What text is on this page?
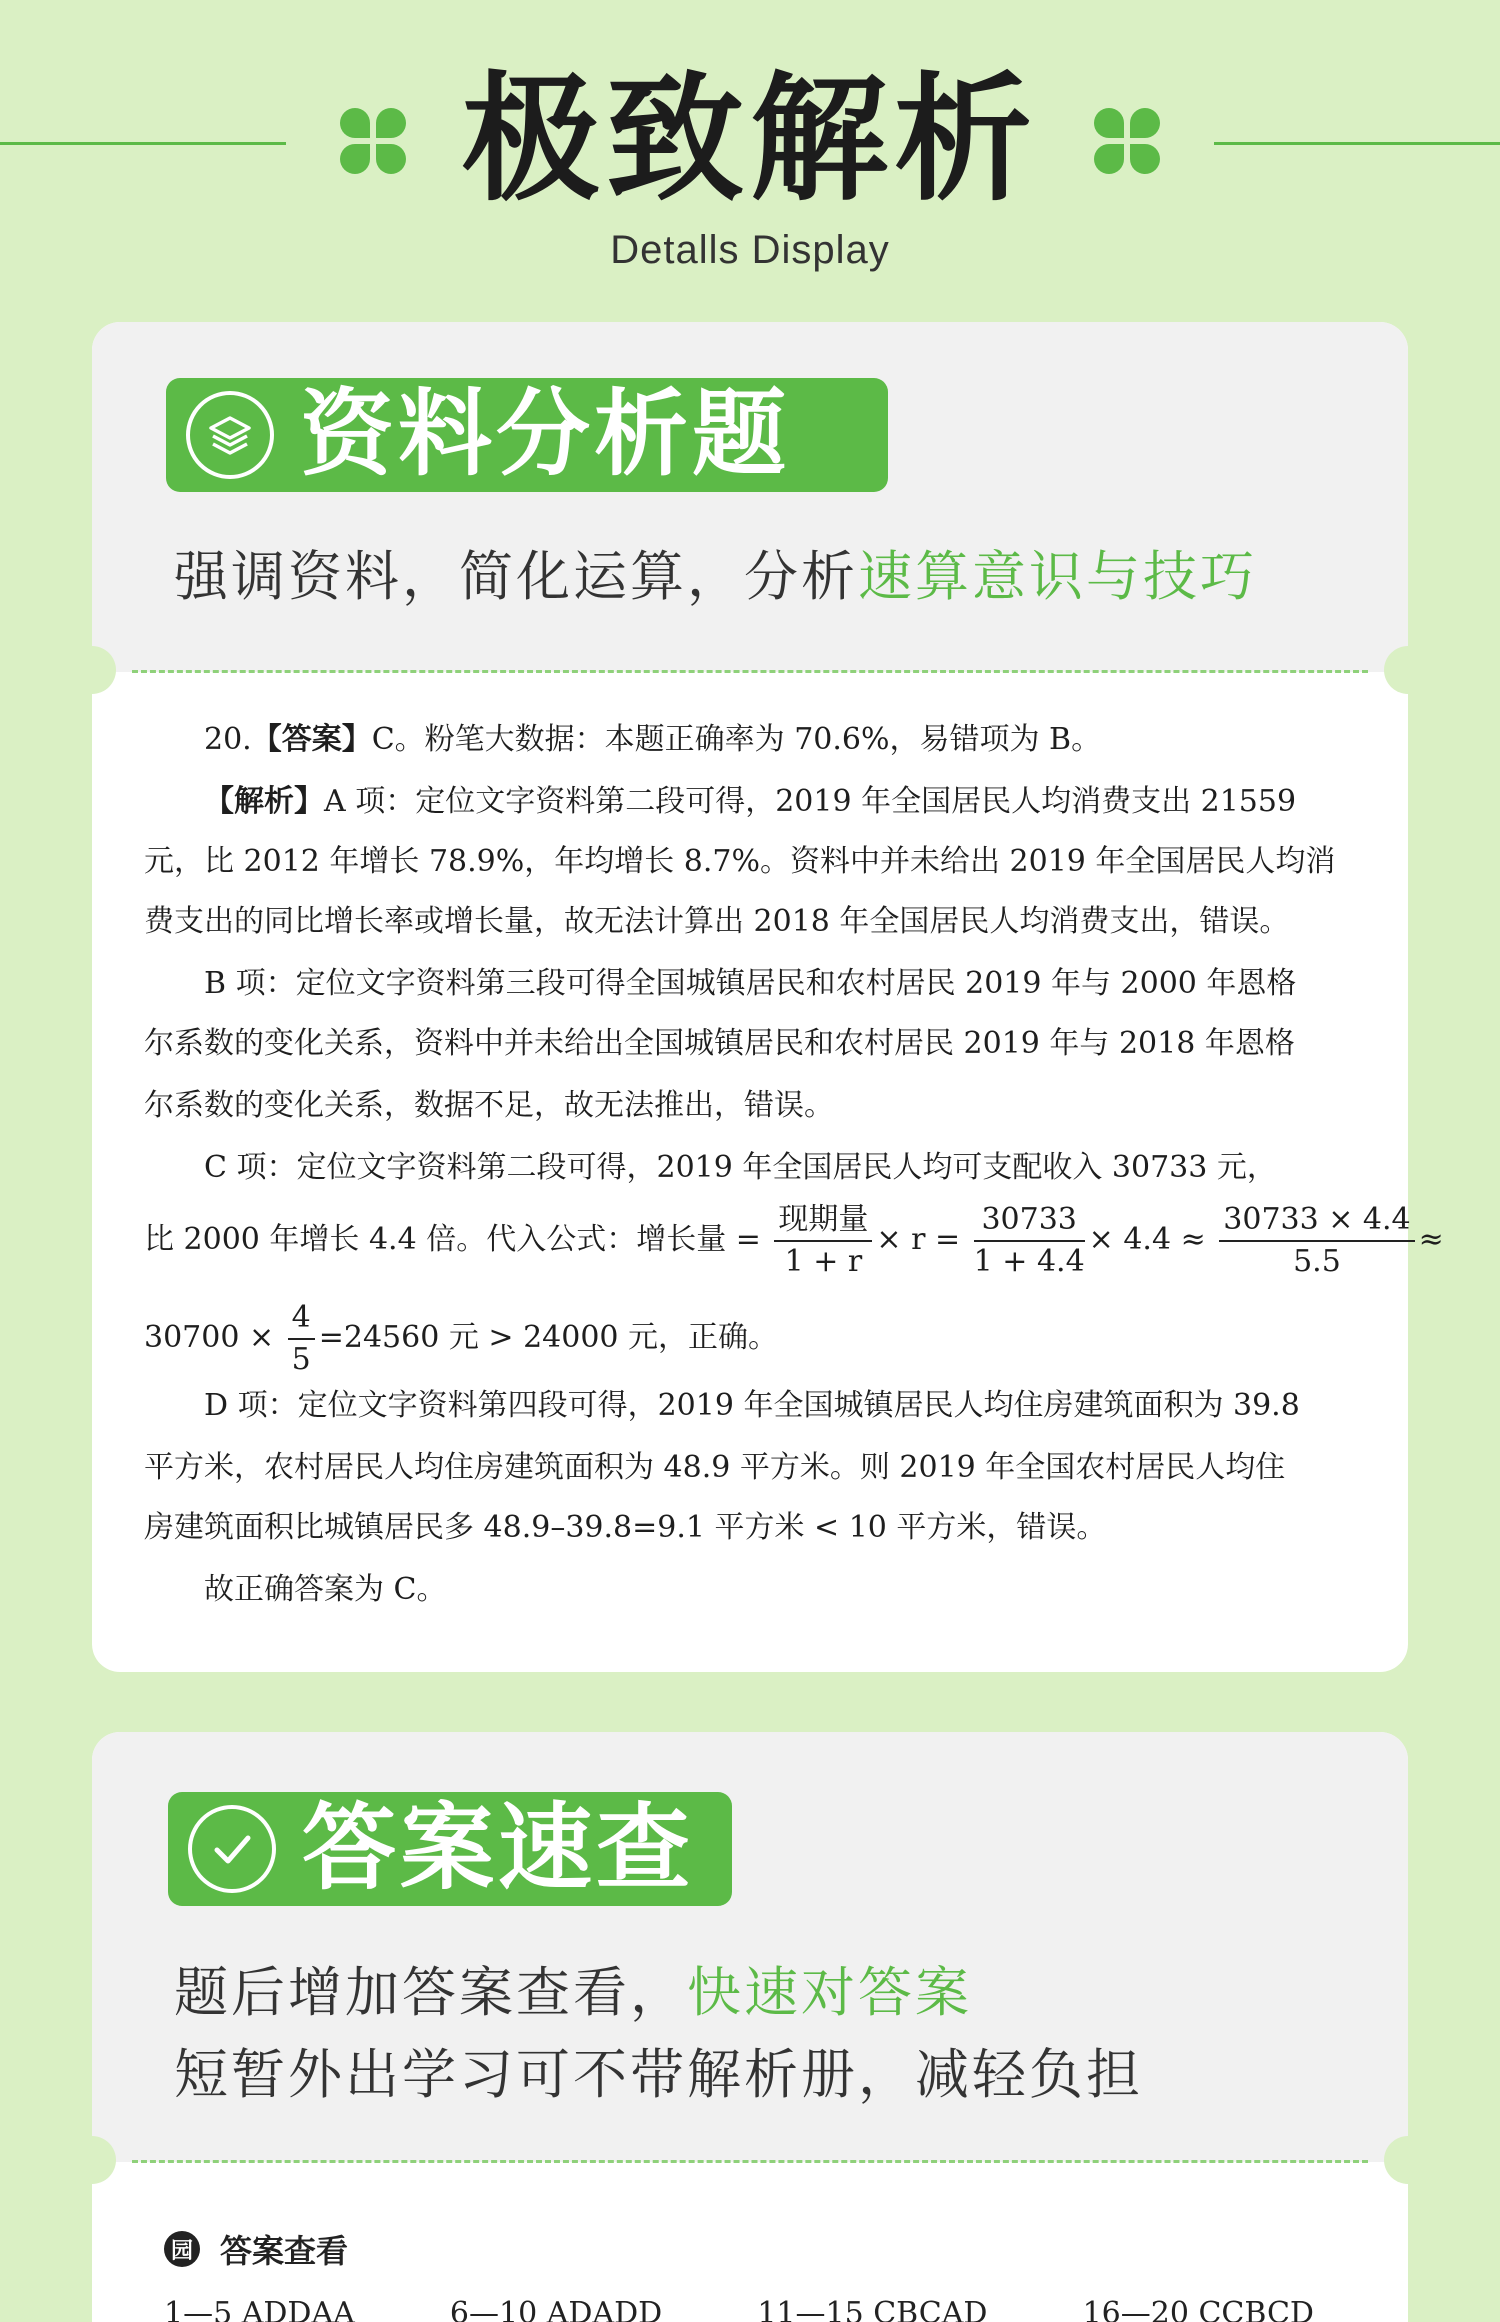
极致解析
Detalls Display
资料分析题
强调资料，简化运算，分析速算意识与技巧
20.【答案】C。粉笔大数据：本题正确率为 70.6%，易错项为 B。
【解析】A 项：定位文字资料第二段可得，2019 年全国居民人均消费支出 21559
元，比 2012 年增长 78.9%，年均增长 8.7%。资料中并未给出 2019 年全国居民人均消
费支出的同比增长率或增长量，故无法计算出 2018 年全国居民人均消费支出，错误。
B 项：定位文字资料第三段可得全国城镇居民和农村居民 2019 年与 2000 年恩格
尔系数的变化关系，资料中并未给出全国城镇居民和农村居民 2019 年与 2018 年恩格
尔系数的变化关系，数据不足，故无法推出，错误。
C 项：定位文字资料第二段可得，2019 年全国居民人均可支配收入 30733 元，
比 2000 年增长 4.4 倍。代入公式：增长量 = $\frac{\text{现期量}}{1 + r} \times r = \frac{30733}{1 + 4.4} \times 4.4 \approx \frac{30733 \times 4.4}{5.5}$ ≈
$30700 \times \frac{4}{5} =24560$ 元 > 24000 元，正确。
D 项：定位文字资料第四段可得，2019 年全国城镇居民人均住房建筑面积为 39.8
平方米，农村居民人均住房建筑面积为 48.9 平方米。则 2019 年全国农村居民人均住
房建筑面积比城镇居民多 48.9–39.8=9.1 平方米 < 10 平方米，错误。
故正确答案为 C。
答案速查
题后增加答案查看，快速对答案
短暂外出学习可不带解析册，减轻负担
园 答案查看
1—5 ADDAA	6—10 ADADD	11—15 CBCAD	16—20 CCBCD
